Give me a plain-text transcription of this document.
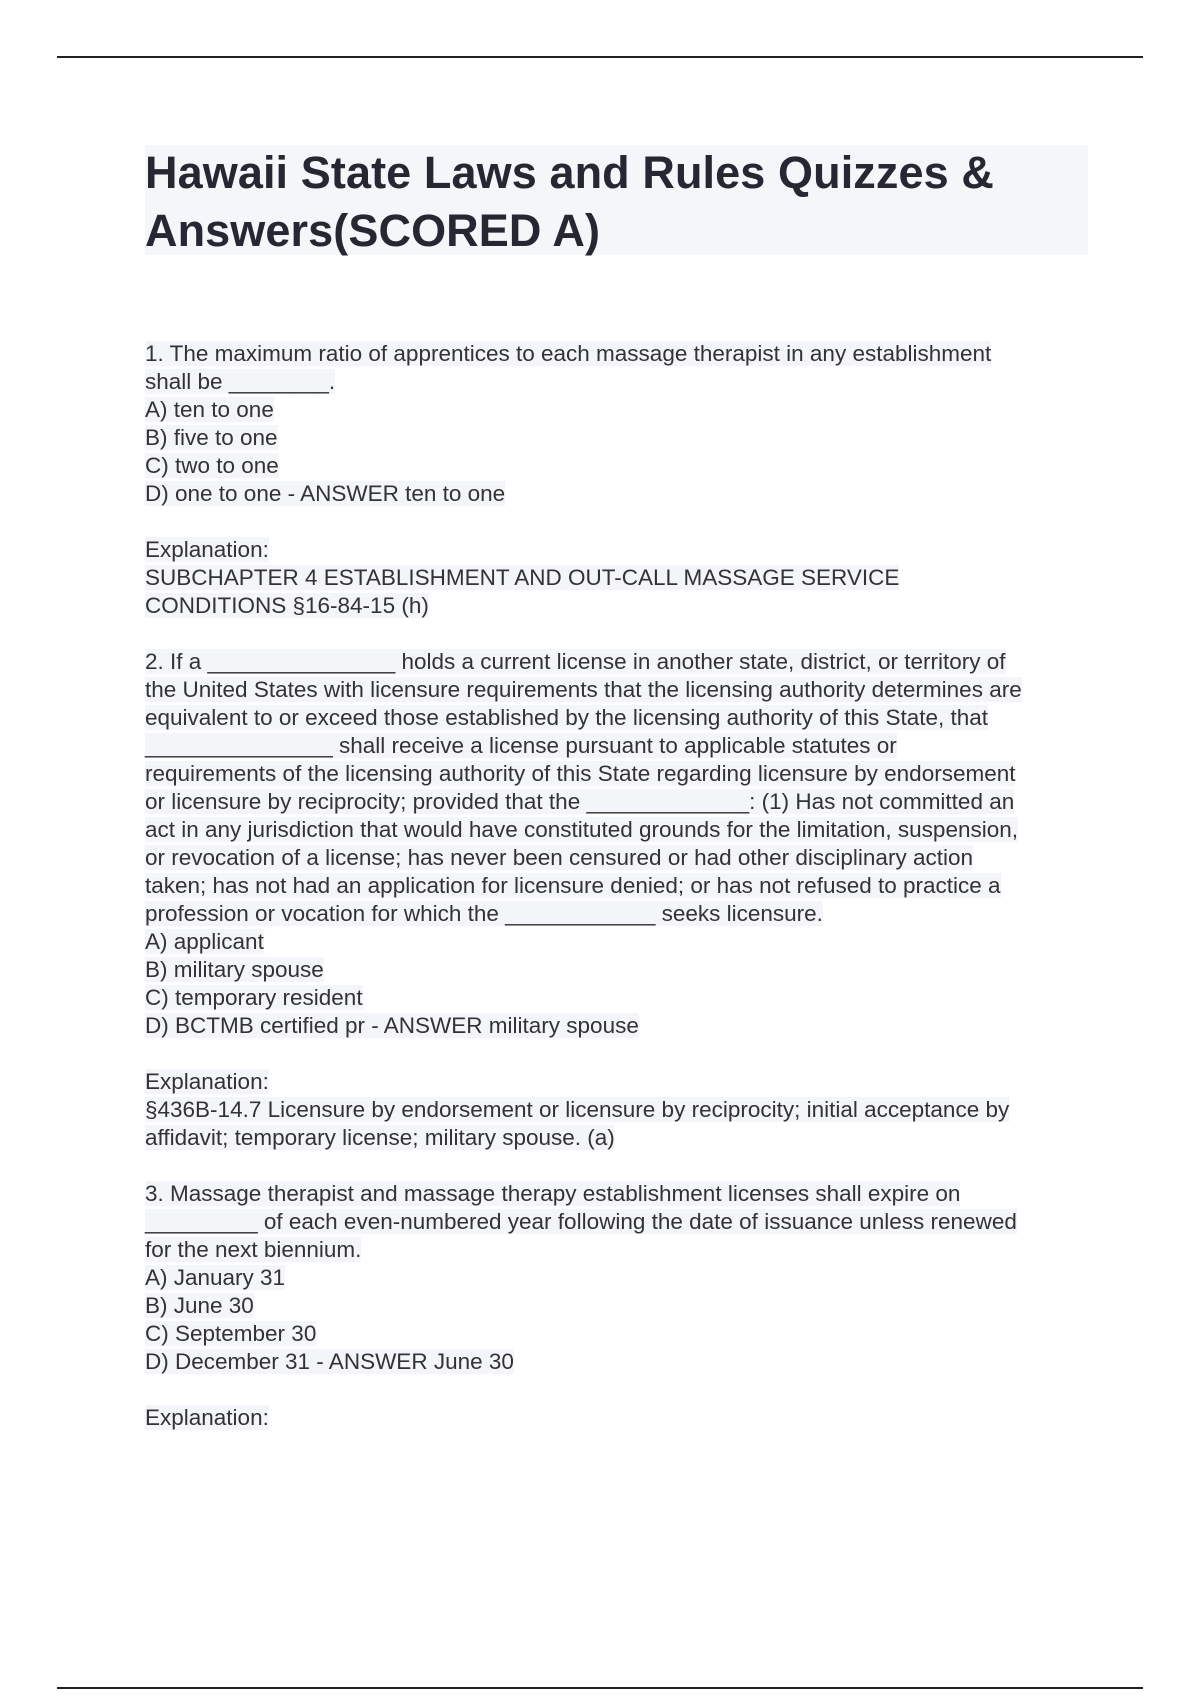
Hawaii State Laws and Rules Quizzes &
Answers(SCORED A)
1. The maximum ratio of apprentices to each massage therapist in any establishment
shall be ________.
A) ten to one
B) five to one
C) two to one
D) one to one - ANSWER ten to one
Explanation:
SUBCHAPTER 4 ESTABLISHMENT AND OUT-CALL MASSAGE SERVICE
CONDITIONS §16-84-15 (h)
2. If a _______________ holds a current license in another state, district, or territory of
the United States with licensure requirements that the licensing authority determines are
equivalent to or exceed those established by the licensing authority of this State, that
_______________ shall receive a license pursuant to applicable statutes or
requirements of the licensing authority of this State regarding licensure by endorsement
or licensure by reciprocity; provided that the _____________: (1) Has not committed an
act in any jurisdiction that would have constituted grounds for the limitation, suspension,
or revocation of a license; has never been censured or had other disciplinary action
taken; has not had an application for licensure denied; or has not refused to practice a
profession or vocation for which the ____________ seeks licensure.
A) applicant
B) military spouse
C) temporary resident
D) BCTMB certified pr - ANSWER military spouse
Explanation:
§436B-14.7 Licensure by endorsement or licensure by reciprocity; initial acceptance by
affidavit; temporary license; military spouse. (a)
3. Massage therapist and massage therapy establishment licenses shall expire on
_________ of each even-numbered year following the date of issuance unless renewed
for the next biennium.
A) January 31
B) June 30
C) September 30
D) December 31 - ANSWER June 30
Explanation:
